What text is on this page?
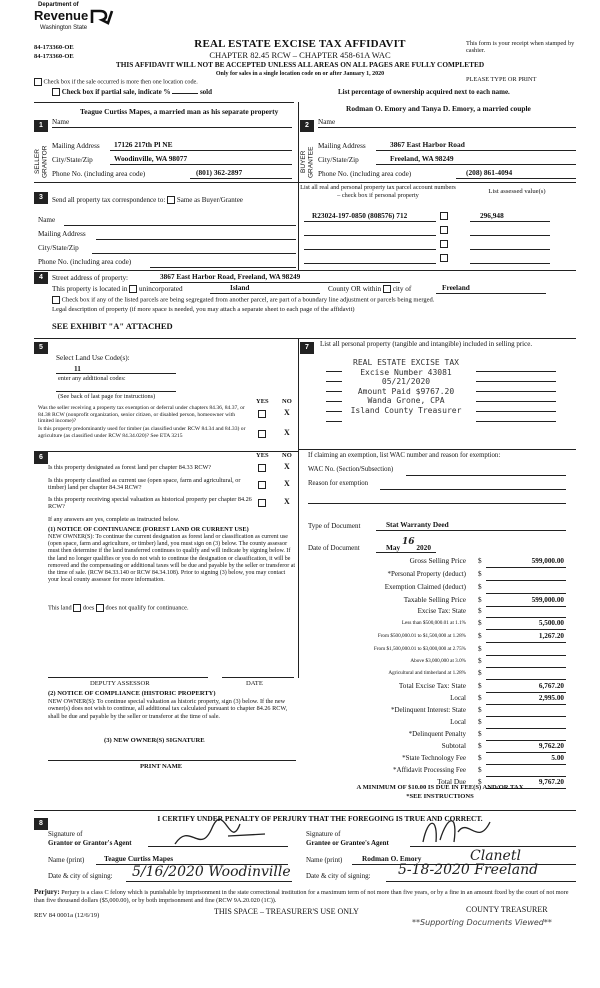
Department of
Revenue
Washington State
84-173360-OE
84-173360-OE
REAL ESTATE EXCISE TAX AFFIDAVIT
CHAPTER 82.45 RCW – CHAPTER 458-61A WAC
THIS AFFIDAVIT WILL NOT BE ACCEPTED UNLESS ALL AREAS ON ALL PAGES ARE FULLY COMPLETED
Only for sales in a single location code on or after January 1, 2020
This form is your receipt when stamped by cashier.
PLEASE TYPE OR PRINT
Check box if the sale occurred is more then one location code.
Check box if partial sale, indicate %	sold	List percentage of ownership acquired next to each name.
1
SELLER GRANTOR
Teague Curtiss Mapes, a married man as his separate property
Name
Mailing Address 17126 217th Pl NE
City/State/Zip	Woodinville, WA 98077
Phone No. (including area code)	(801) 362-2897
2
BUYER GRANTEE
Rodman O. Emory and Tanya D. Emory, a married couple
Name
Mailing Address	3867 East Harbor Road
City/State/Zip	Freeland, WA 98249
Phone No. (including area code)	(208) 861-4094
3	Send all property tax correspondence to: Same as Buyer/Grantee
Name
Mailing Address
City/State/Zip
Phone No. (including area code)
List all real and personal property tax parcel account numbers – check box if personal property
List assessed value(s)
R23024-197-0850 (808576) 712	296,948
4	Street address of property:	3867 East Harbor Road, Freeland, WA 98249
This property is located in unincorporated	Island	County OR within city of	Freeland
Check box if any of the listed parcels are being segregated from another parcel, are part of a boundary line adjustment or parcels being merged.
Legal description of property (if more space is needed, you may attach a separate sheet to each page of the affidavit)
SEE EXHIBIT "A" ATTACHED
5
Select Land Use Code(s):
11
enter any additional codes:
(See back of last page for instructions)
YES NO
Was the seller receiving a property tax exemption or deferral under chapters 84.36, 84.37, or 84.38 RCW (nonprofit organization, senior citizen, or disabled person, homeowner with limited income)?
X
Is this property predominantly used for timber (as classified under RCW 84.34 and 84.33) or agriculture (as classified under RCW 84.34.020)? See ETA 3215	X
6	YES NO
Is this property designated as forest land per chapter 84.33 RCW?	X
Is this property classified as current use (open space, farm and agricultural, or timber) land per chapter 84.34 RCW?	X
Is this property receiving special valuation as historical property per chapter 84.26 RCW?
X
If any answers are yes, complete as instructed below.
(1) NOTICE OF CONTINUANCE (FOREST LAND OR CURRENT USE)
NEW OWNER(S): To continue the current designation as forest land or classification as current use (open space, farm and agriculture, or timber) land, you must sign on (3) below. The county assessor must then determine if the land transferred continues to qualify and will indicate by signing below. If the land no longer qualifies or you do not wish to continue the designation or classification, it will be removed and the compensating or additional taxes will be due and payable by the seller or transferor at the time of sale. (RCW 84.33.140 or RCW 84.34.108). Prior to signing (3) below, you may contact your local county assessor for more information.
This land does does not qualify for continuance.
DEPUTY ASSESSOR	DATE
(2) NOTICE OF COMPLIANCE (HISTORIC PROPERTY)
NEW OWNER(S): To continue special valuation as historic property, sign (3) below. If the new owner(s) does not wish to continue, all additional tax calculated pursuant to chapter 84.26 RCW, shall be due and payable by the seller or transferor at the time of sale.
(3) NEW OWNER(S) SIGNATURE
PRINT NAME
7	List all personal property (tangible and intangible) included in selling price.
REAL ESTATE EXCISE TAX
Excise Number 43081
05/21/2020
Amount Paid $9767.20
Wanda Grone, CPA
Island County Treasurer
If claiming an exemption, list WAC number and reason for exemption:
WAC No. (Section/Subsection)
Reason for exemption
Type of Document	Stat Warranty Deed
Date of Document	May 16 2020
Gross Selling Price $	599,000.00
*Personal Property (deduct) $
Exemption Claimed (deduct) $
Taxable Selling Price $	599,000.00
Excise Tax: State $
Less than $500,000.01 at 1.1% $	5,500.00
From $500,000.01 to $1,500,000 at 1.28% $	1,267.20
From $1,500,000.01 to $3,000,000 at 2.75% $
Above $3,000,000 at 3.0% $
Agricultural and timberland at 1.28% $
Total Excise Tax: State $	6,767.20
Local $	2,995.00
*Delinquent Interest: State $
Local $
*Delinquent Penalty $
Subtotal $	9,762.20
*State Technology Fee $	5.00
*Affidavit Processing Fee $
Total Due $	9,767.20
A MINIMUM OF $10.00 IS DUE IN FEE(S) AND/OR TAX
*SEE INSTRUCTIONS
8
I CERTIFY UNDER PENALTY OF PERJURY THAT THE FOREGOING IS TRUE AND CORRECT.
Signature of
Grantor or Grantor's Agent
Signature of
Grantee or Grantee's Agent
Name (print)	Teague Curtiss Mapes	Name (print)	Rodman O. Emory	Clanetl
Date & city of signing: 5/16/2020 Woodinville Date & city of signing: 5-18-2020 Freeland
Perjury: Perjury is a class C felony which is punishable by imprisonment in the state correctional institution for a maximum term of not more than five years, or by a fine in an amount fixed by the court of not more than five thousand dollars ($5,000.00), or by both imprisonment and fine (RCW 9A.20.020 (1C)).
REV 84 0001a (12/6/19)	THIS SPACE – TREASURER'S USE ONLY	COUNTY TREASURER
**Supporting Documents Viewed**
